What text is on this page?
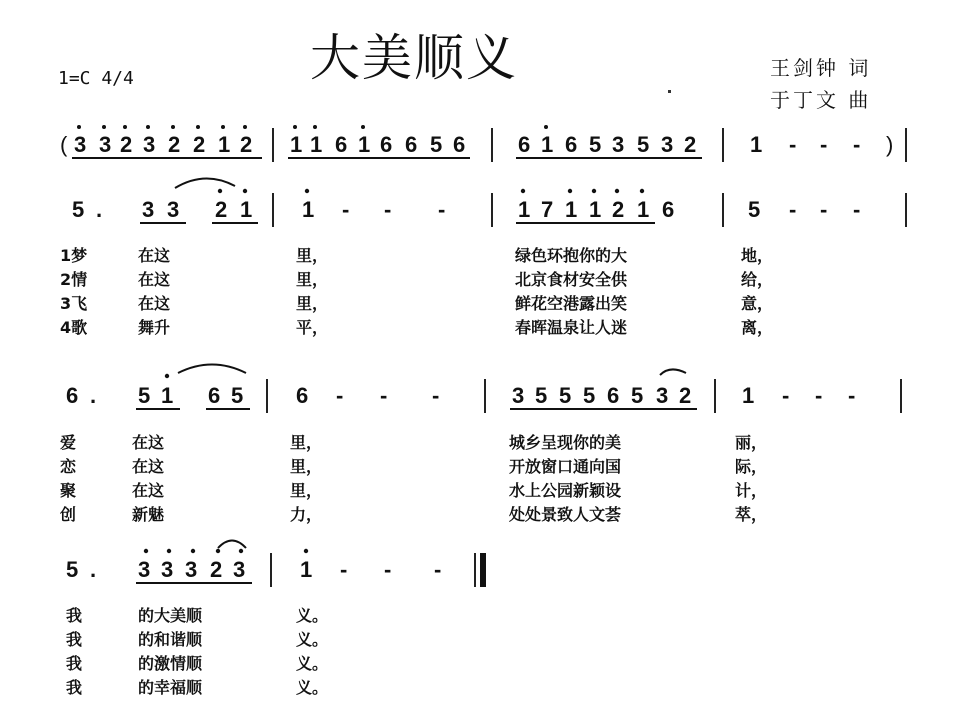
大美顺义
1=C 4/4	王剑钟 词
于丁文 曲
( 3 3 2 3 2 2 1 2 1 1 6 1 6 6 5 6 6 1 6 5 3 5 3 2 1 - - - )
5 . 3 3 2 1 1 - - -	1 7 1 1 2 1 6	5 - - -
1梦	在这	里，	绿色环抱你的大	地，
2情	在这	里，	北京食材安全供	给，
3飞	在这	里，	鲜花空港露出笑	意，
4歌	舞升	平，	春晖温泉让人迷	离，
6 . 5 1 6 5 6 - - -	3 5 5 5 6 5 3 2 1 - - -
爱	在这	里，	城乡呈现你的美	丽，
恋	在这	里，	开放窗口通向国	际，
聚	在这	里，	水上公园新颖设	计，
创	新魅	力，	处处景致人文荟	萃，
5 . 3 3 3 2 3 1 - - -
我	的大美顺	义。
我	的和谐顺	义。
我	的激情顺	义。
我	的幸福顺	义。
